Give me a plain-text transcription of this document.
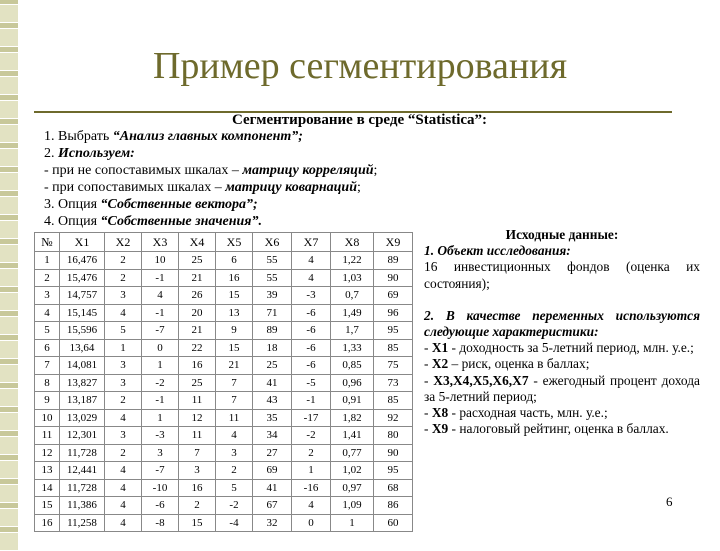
Пример сегментирования
Сегментирование в среде “Statistica”:
1. Выбрать “Анализ главных компонент”;
2. Используем:
- при не сопоставимых шкалах – матрицу корреляций;
- при сопоставимых шкалах – матрицу коварнаций;
3. Опция “Собственные вектора”;
4. Опция “Собственные значения”.
№	X1	X2	X3	X4	X5	X6	X7	X8	X9
1	16,476	2	10	25	6	55	4	1,22	89
2	15,476	2	-1	21	16	55	4	1,03	90
3	14,757	3	4	26	15	39	-3	0,7	69
4	15,145	4	-1	20	13	71	-6	1,49	96
5	15,596	5	-7	21	9	89	-6	1,7	95
6	13,64	1	0	22	15	18	-6	1,33	85
7	14,081	3	1	16	21	25	-6	0,85	75
8	13,827	3	-2	25	7	41	-5	0,96	73
9	13,187	2	-1	11	7	43	-1	0,91	85
10	13,029	4	1	12	11	35	-17	1,82	92
11	12,301	3	-3	11	4	34	-2	1,41	80
12	11,728	2	3	7	3	27	2	0,77	90
13	12,441	4	-7	3	2	69	1	1,02	95
14	11,728	4	-10	16	5	41	-16	0,97	68
15	11,386	4	-6	2	-2	67	4	1,09	86
16	11,258	4	-8	15	-4	32	0	1	60
Исходные данные:

1. Объект исследования:

16 инвестиционных фондов (оценка их состояния);

2. В качестве переменных используются следующие характеристики:

- X1 - доходность за 5-летний период, млн. у.е.;

- X2 – риск, оценка в баллах;

- X3,X4,X5,X6,X7 - ежегодный процент дохода за 5-летний период;

- X8 - расходная часть, млн. у.е.;

- X9 - налоговый рейтинг, оценка в баллах.

6
